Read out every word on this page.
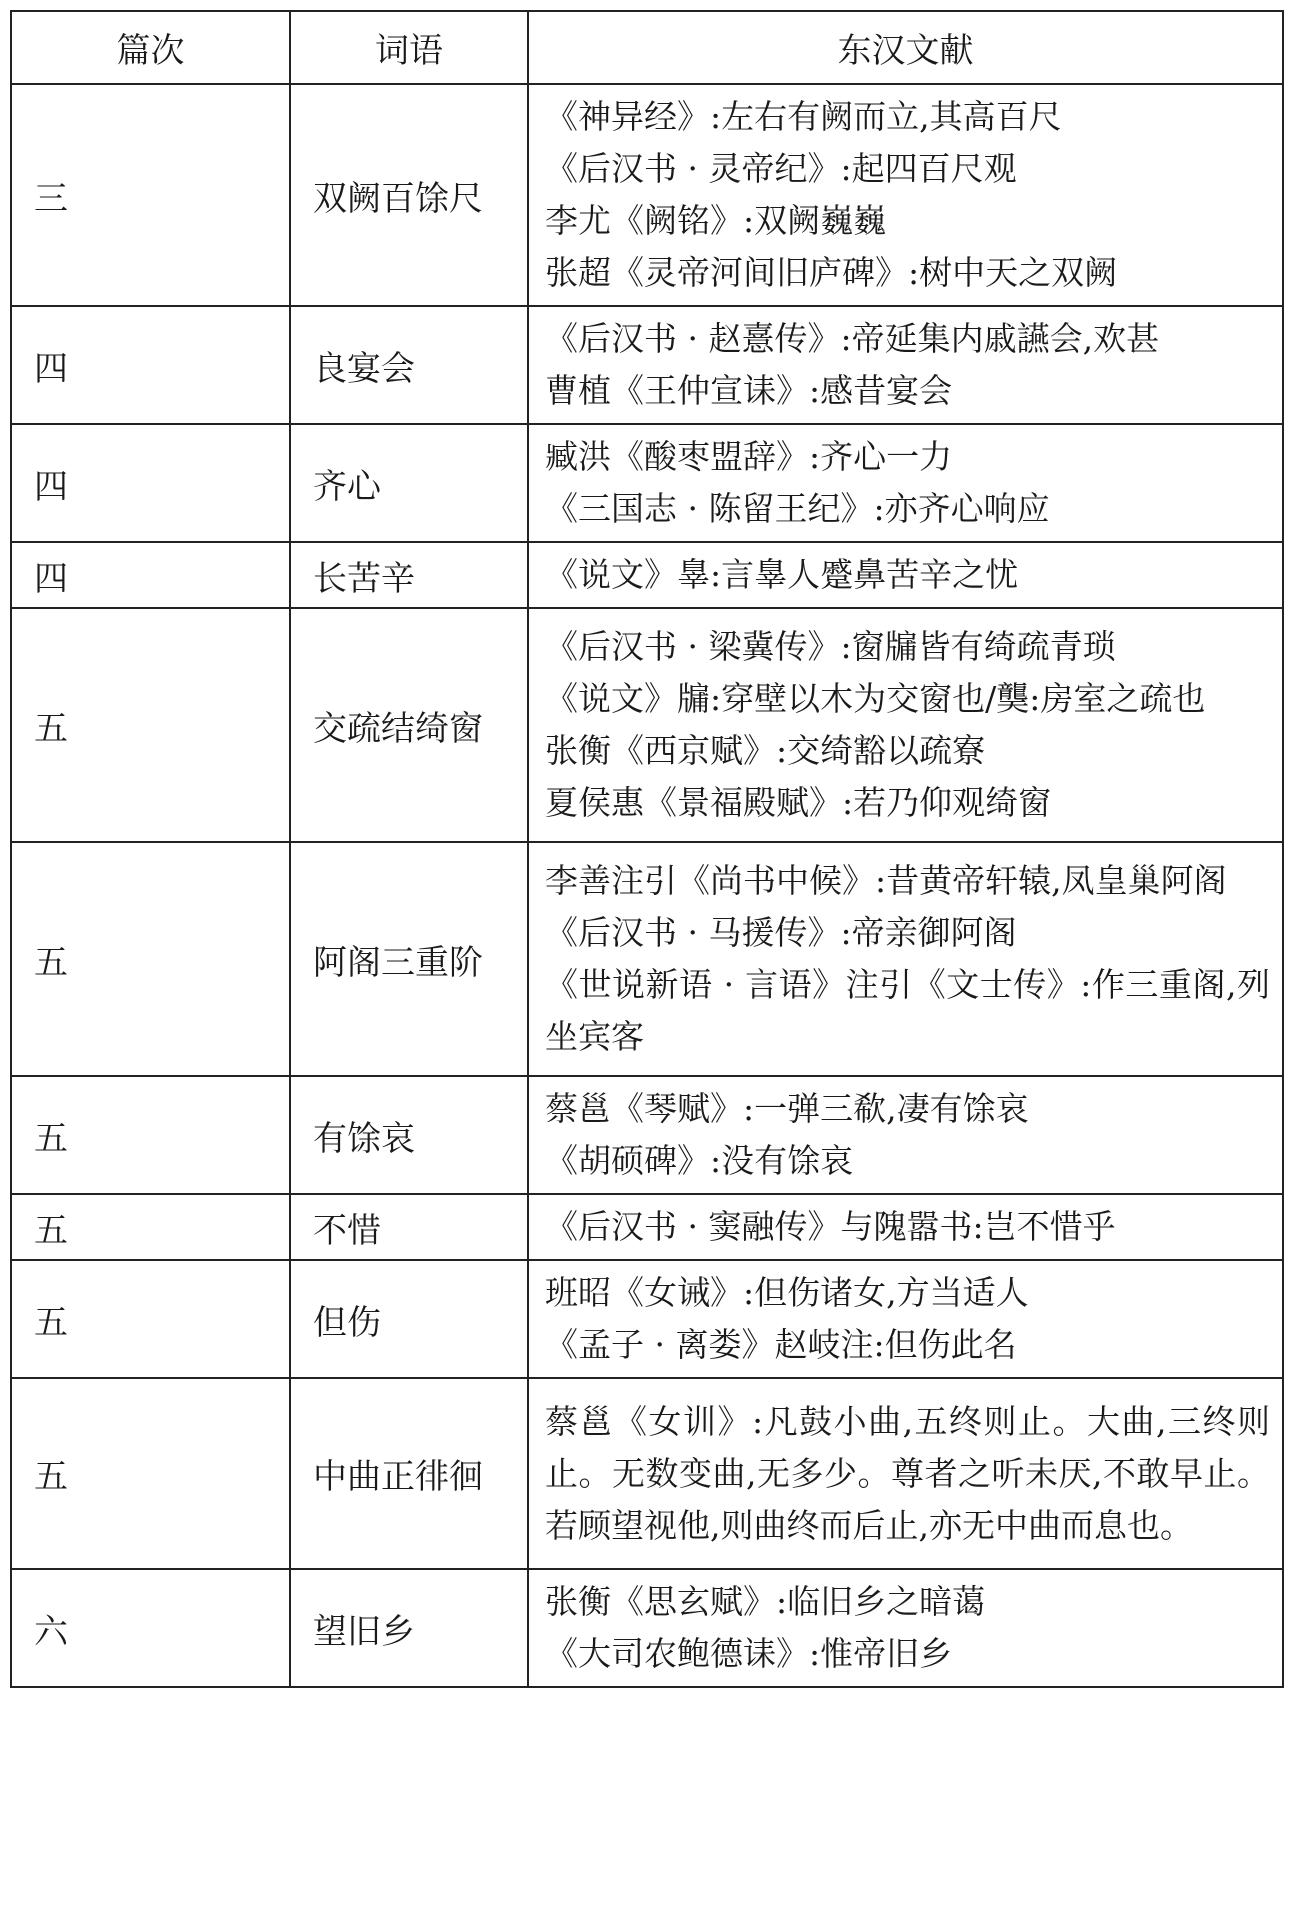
篇次	词语	东汉文献
三	双阙百馀尺	《神异经》:左右有阙而立,其高百尺
《后汉书 · 灵帝纪》:起四百尺观
李尤《阙铭》:双阙巍巍
张超《灵帝河间旧庐碑》:树中天之双阙

四	良宴会	《后汉书 · 赵憙传》:帝延集内戚讌会,欢甚
曹植《王仲宣诔》:感昔宴会

四	齐心	臧洪《酸枣盟辞》:齐心一力
《三国志 · 陈留王纪》:亦齐心响应

四	长苦辛	《说文》辠:言辠人蹙鼻苦辛之忧

五	交疏结绮窗	《后汉书 · 梁冀传》:窗牖皆有绮疏青琐
《说文》牖:穿壁以木为交窗也/龑:房室之疏也
张衡《西京赋》:交绮豁以疏寮
夏侯惠《景福殿赋》:若乃仰观绮窗

五	阿阁三重阶	李善注引《尚书中候》:昔黄帝轩辕,凤皇巢阿阁
《后汉书 · 马援传》:帝亲御阿阁
《世说新语 · 言语》注引《文士传》:作三重阁,列坐宾客

五	有馀哀	蔡邕《琴赋》:一弹三欷,凄有馀哀
《胡硕碑》:没有馀哀

五	不惜	《后汉书 · 窦融传》与隗嚣书:岂不惜乎

五	但伤	班昭《女诫》:但伤诸女,方当适人
《孟子 · 离娄》赵岐注:但伤此名

五	中曲正徘徊	蔡邕《女训》:凡鼓小曲,五终则止。大曲,三终则止。无数变曲,无多少。尊者之听未厌,不敢早止。若顾望视他,则曲终而后止,亦无中曲而息也。

六	望旧乡	张衡《思玄赋》:临旧乡之暗蔼
《大司农鲍德诔》:惟帝旧乡
